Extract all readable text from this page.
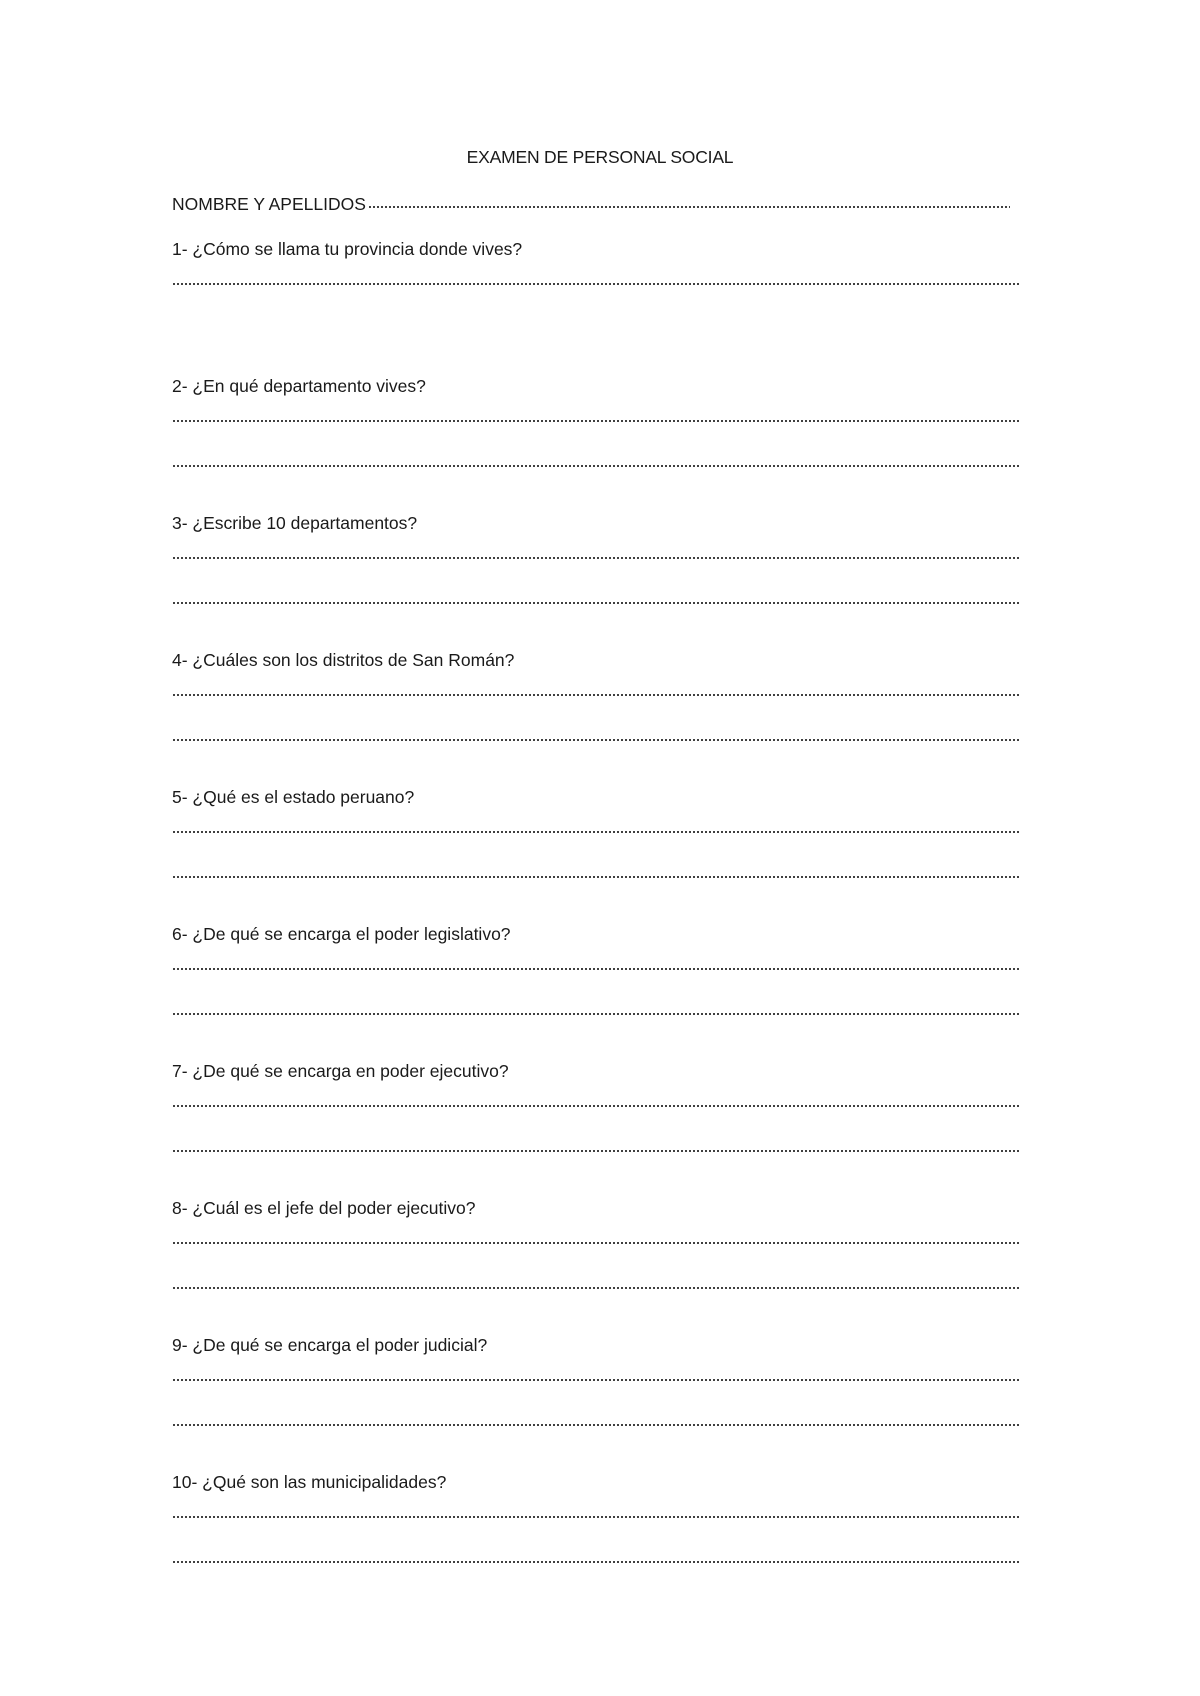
EXAMEN DE PERSONAL SOCIAL
NOMBRE Y APELLIDOS
1- ¿Cómo se llama tu provincia donde vives?
2- ¿En qué departamento vives?
3- ¿Escribe 10 departamentos?
4- ¿Cuáles son los distritos de San Román?
5- ¿Qué es el estado peruano?
6- ¿De qué se encarga el poder legislativo?
7- ¿De qué se encarga en poder ejecutivo?
8- ¿Cuál es el jefe del poder ejecutivo?
9- ¿De qué se encarga el poder judicial?
10- ¿Qué son las municipalidades?
